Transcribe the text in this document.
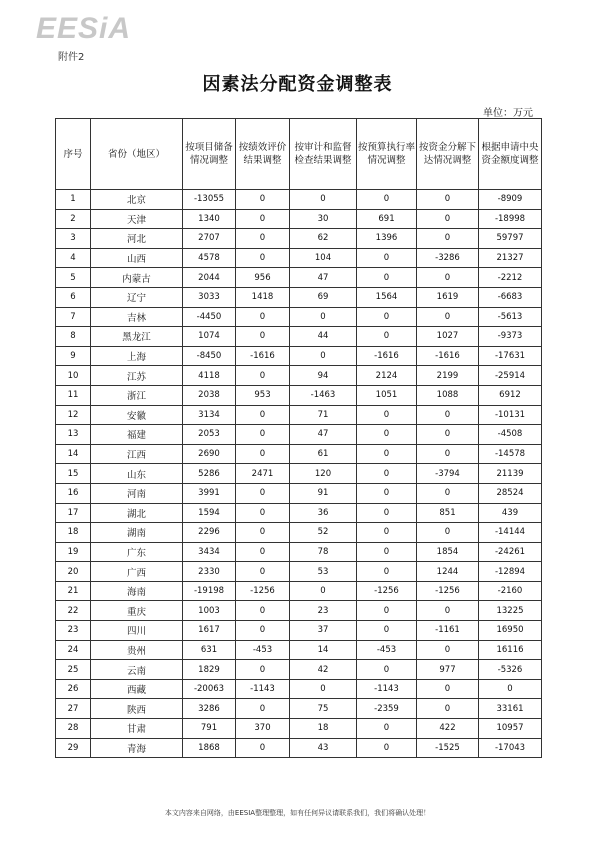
EESiA
附件2
因素法分配资金调整表
单位：万元
序号	省份（地区）	按项目储备情况调整	按绩效评价结果调整	按审计和监督检查结果调整	按预算执行率情况调整	按资金分解下达情况调整	根据申请中央资金额度调整
1	北京	-13055	0	0	0	0	-8909
2	天津	1340	0	30	691	0	-18998
3	河北	2707	0	62	1396	0	59797
4	山西	4578	0	104	0	-3286	21327
5	内蒙古	2044	956	47	0	0	-2212
6	辽宁	3033	1418	69	1564	1619	-6683
7	吉林	-4450	0	0	0	0	-5613
8	黑龙江	1074	0	44	0	1027	-9373
9	上海	-8450	-1616	0	-1616	-1616	-17631
10	江苏	4118	0	94	2124	2199	-25914
11	浙江	2038	953	-1463	1051	1088	6912
12	安徽	3134	0	71	0	0	-10131
13	福建	2053	0	47	0	0	-4508
14	江西	2690	0	61	0	0	-14578
15	山东	5286	2471	120	0	-3794	21139
16	河南	3991	0	91	0	0	28524
17	湖北	1594	0	36	0	851	439
18	湖南	2296	0	52	0	0	-14144
19	广东	3434	0	78	0	1854	-24261
20	广西	2330	0	53	0	1244	-12894
21	海南	-19198	-1256	0	-1256	-1256	-2160
22	重庆	1003	0	23	0	0	13225
23	四川	1617	0	37	0	-1161	16950
24	贵州	631	-453	14	-453	0	16116
25	云南	1829	0	42	0	977	-5326
26	西藏	-20063	-1143	0	-1143	0	0
27	陕西	3286	0	75	-2359	0	33161
28	甘肃	791	370	18	0	422	10957
29	青海	1868	0	43	0	-1525	-17043
本文内容来自网络，由EESIA整理整理，如有任何异议请联系我们，我们将确认处理！
